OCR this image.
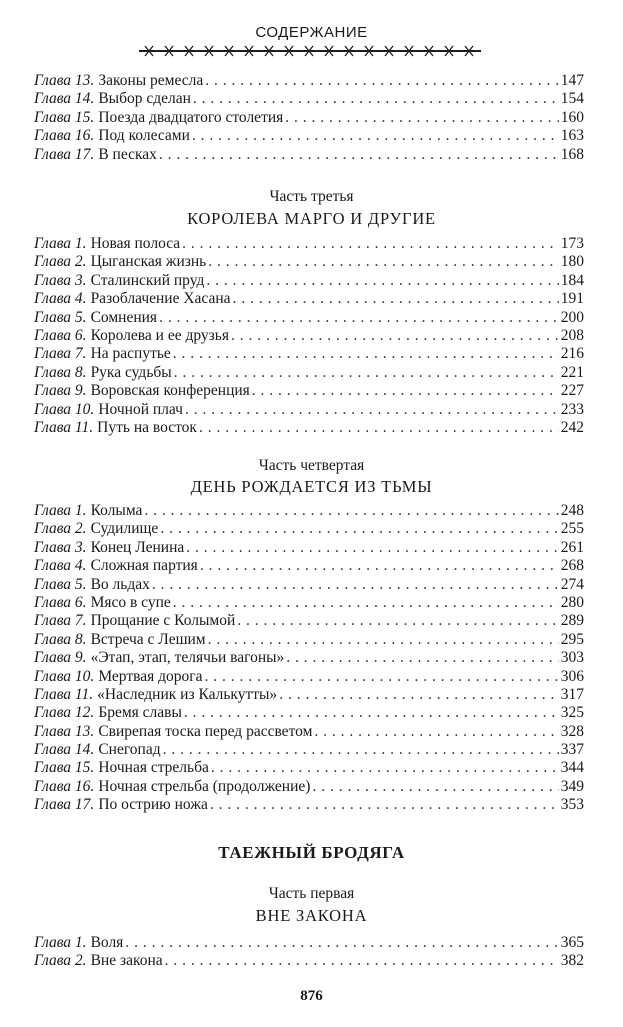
СОДЕРЖАНИЕ
Глава 13. Законы ремесла . . .	147
Глава 14. Выбор сделан . . .	154
Глава 15. Поезда двадцатого столетия . . .	160
Глава 16. Под колесами . . .	163
Глава 17. В песках . . .	168
Часть третья
КОРОЛЕВА МАРГО И ДРУГИЕ
Глава 1. Новая полоса . . .	173
Глава 2. Цыганская жизнь . . .	180
Глава 3. Сталинский пруд . . .	184
Глава 4. Разоблачение Хасана . . .	191
Глава 5. Сомнения . . .	200
Глава 6. Королева и ее друзья . . .	208
Глава 7. На распутье . . .	216
Глава 8. Рука судьбы . . .	221
Глава 9. Воровская конференция . . .	227
Глава 10. Ночной плач . . .	233
Глава 11. Путь на восток . . .	242
Часть четвертая
ДЕНЬ РОЖДАЕТСЯ ИЗ ТЬМЫ
Глава 1. Колыма . . .	248
Глава 2. Судилище . . .	255
Глава 3. Конец Ленина . . .	261
Глава 4. Сложная партия . . .	268
Глава 5. Во льдах . . .	274
Глава 6. Мясо в супе . . .	280
Глава 7. Прощание с Колымой . . .	289
Глава 8. Встреча с Лешим . . .	295
Глава 9. «Этап, этап, телячьи вагоны» . . .	303
Глава 10. Мертвая дорога . . .	306
Глава 11. «Наследник из Калькутты» . . .	317
Глава 12. Бремя славы . . .	325
Глава 13. Свирепая тоска перед рассветом . . .	328
Глава 14. Снегопад . . .	337
Глава 15. Ночная стрельба . . .	344
Глава 16. Ночная стрельба (продолжение) . . .	349
Глава 17. По острию ножа . . .	353
ТАЕЖНЫЙ БРОДЯГА
Часть первая
ВНЕ ЗАКОНА
Глава 1. Воля . . .	365
Глава 2. Вне закона . . .	382
876
